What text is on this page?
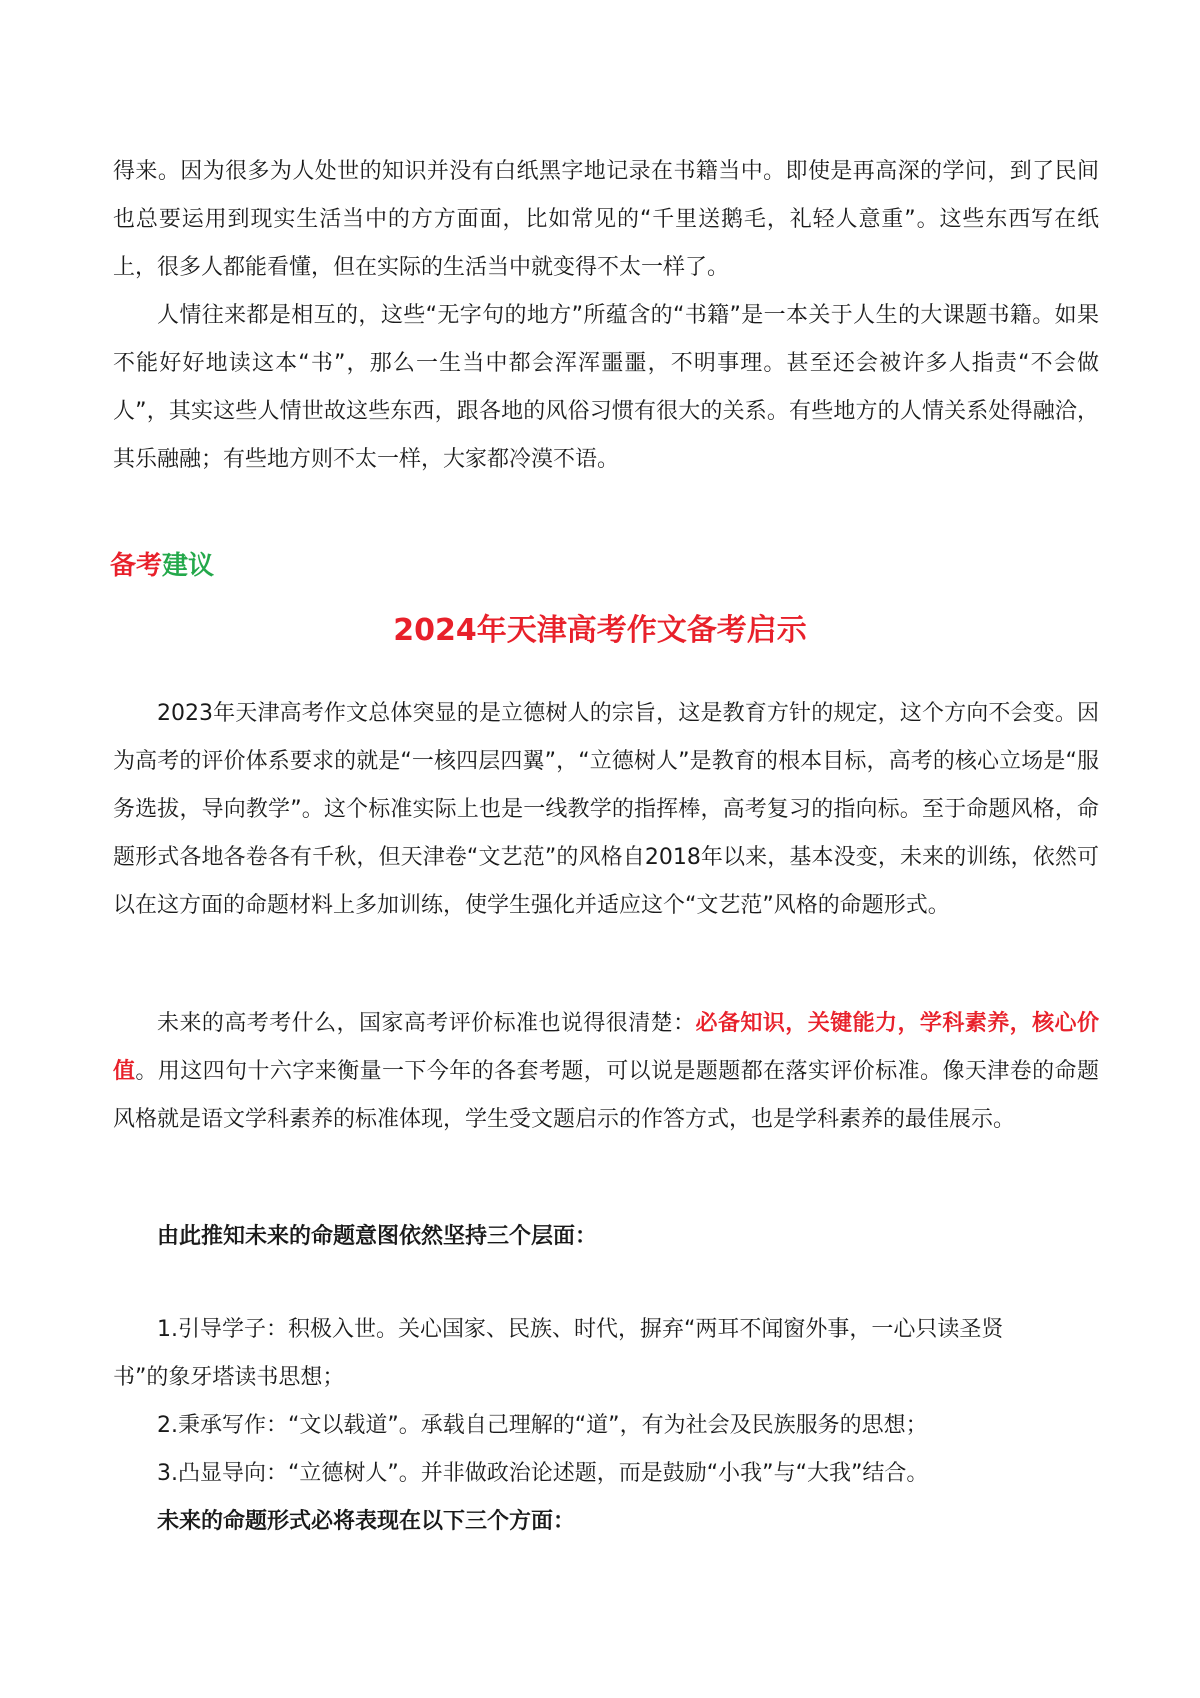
得来。因为很多为人处世的知识并没有白纸黑字地记录在书籍当中。即使是再高深的学问，到了民间也总要运用到现实生活当中的方方面面，比如常见的“千里送鹅毛，礼轻人意重”。这些东西写在纸上，很多人都能看懂，但在实际的生活当中就变得不太一样了。

人情往来都是相互的，这些“无字句的地方”所蕴含的“书籍”是一本关于人生的大课题书籍。如果不能好好地读这本“书”，那么一生当中都会浑浑噩噩，不明事理。甚至还会被许多人指责“不会做人”，其实这些人情世故这些东西，跟各地的风俗习惯有很大的关系。有些地方的人情关系处得融洽，其乐融融；有些地方则不太一样，大家都冷漠不语。

备考建议

2024年天津高考作文备考启示

2023年天津高考作文总体突显的是立德树人的宗旨，这是教育方针的规定，这个方向不会变。因为高考的评价体系要求的就是“一核四层四翼”，“立德树人”是教育的根本目标，高考的核心立场是“服务选拔，导向教学”。这个标准实际上也是一线教学的指挥棒，高考复习的指向标。至于命题风格，命题形式各地各卷各有千秋，但天津卷“文艺范”的风格自2018年以来，基本没变，未来的训练，依然可以在这方面的命题材料上多加训练，使学生强化并适应这个“文艺范”风格的命题形式。

未来的高考考什么，国家高考评价标准也说得很清楚：必备知识，关键能力，学科素养，核心价值。用这四句十六字来衡量一下今年的各套考题，可以说是题题都在落实评价标准。像天津卷的命题风格就是语文学科素养的标准体现，学生受文题启示的作答方式，也是学科素养的最佳展示。

由此推知未来的命题意图依然坚持三个层面：

1.引导学子：积极入世。关心国家、民族、时代，摒弃“两耳不闻窗外事，一心只读圣贤

书”的象牙塔读书思想；

2.秉承写作：“文以载道”。承载自己理解的“道”，有为社会及民族服务的思想；

3.凸显导向：“立德树人”。并非做政治论述题，而是鼓励“小我”与“大我”结合。

未来的命题形式必将表现在以下三个方面：
